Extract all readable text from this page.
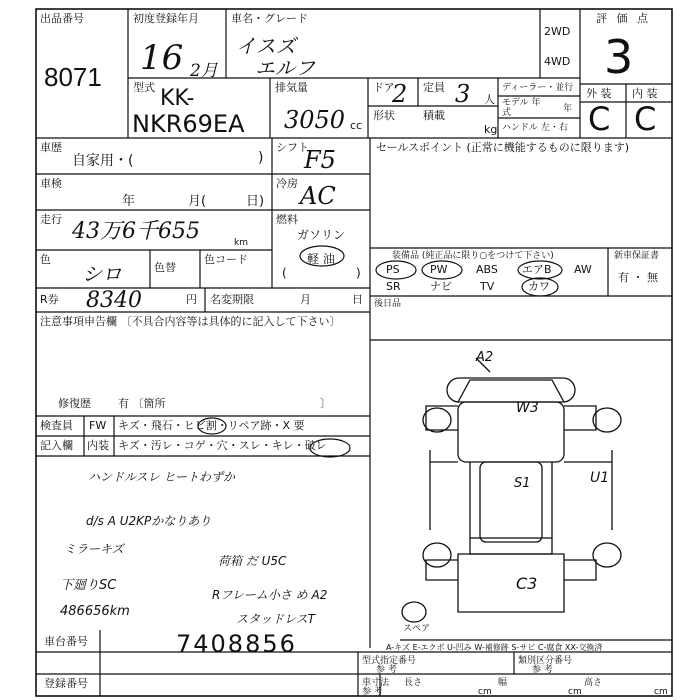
出品番号
8071
初度登録年月
16 2月
車名・グレード
イスズ
エルフ
2WD
4WD
評 価 点
3
型式 KK-
NKR69EA
排気量
3050 cc
ドア
2 定員 3 人
形状	積載
kg
ディーラー・並行
モデル 年式	年
ハンドル 左・右
外 装 内 装
C C
車歴
自家用・(	)
シフト
F5
車検
年	月(	日)
冷房 AC
走行 43万6千655	km
燃料
ガソリン
軽 油
(	)
色
シロ	色替
色コード
R券 8340	円 名変期限	月	日
注意事項申告欄 〔不具合内容等は具体的に記入して下さい〕
修復歴 有 〔箇所	〕
検査員
記入欄
FW キズ・飛石・ヒビ割・リペア跡・X 要
内装 キズ・汚レ・コゲ・穴・スレ・キレ・破レ
ハンドルスレ ヒートわずか
d/s A U2KPかなりあり
ミラーキズ
下廻りSC
486656km
荷箱 だ U5C
Rフレーム小さ め A2
スタッドレスT
セールスポイント (正常に機能するものに限ります)
装備品 (純正品に限り○をつけて下さい)	新車保証書
有 ・ 無
PS	PW	ABS エアB AW
SR	ナビ	TV	カワ
後日品
A2
W3
S1	U1
C3
スペア
A-キズ E-エクボ U-凹み W-補修跡 S-サビ C-腐食 XX-交換済
車台番号	7408856
登録番号
型式指定番号
参 考
類別区分番号
参 考
車寸法
参 考
長さ
cm
幅
cm
高さ
cm
